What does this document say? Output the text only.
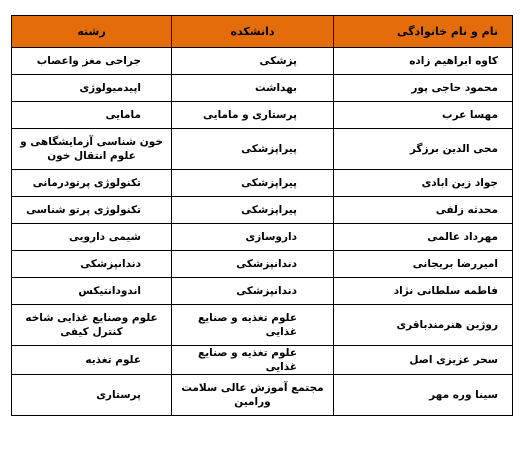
نام و نام خانوادگی	دانشکده	رشته
کاوه ابراهیم زاده	پزشکی	جراحی مغز واعصاب
محمود حاجی پور	بهداشت	اپیدمیولوژی
مهسا عرب	پرستاری و مامایی	مامایی
محی الدین برزگر	پیراپزشکی	خون شناسی آزمایشگاهی و علوم انتقال خون
جواد زین ابادی	پیراپزشکی	تکنولوژی پرتودرمانی
محدثه زلفی	پیراپزشکی	تکنولوژی پرتو شناسی
مهرداد عالمی	داروسازی	شیمی دارویی
امیررضا بریجانی	دندانپزشکی	دندانپزشکی
فاطمه سلطانی نژاد	دندانپزشکی	اندودانتیکس
روژین هنرمندباقری	علوم تغذیه و صنایع غذایی	علوم وصنایع غذایی شاخه کنترل کیفی
سحر عزیزی اصل	علوم تغذیه و صنایع غذایی	علوم تغذیه
سینا وره مهر	مجتمع آموزش عالی سلامت ورامین	پرستاری
